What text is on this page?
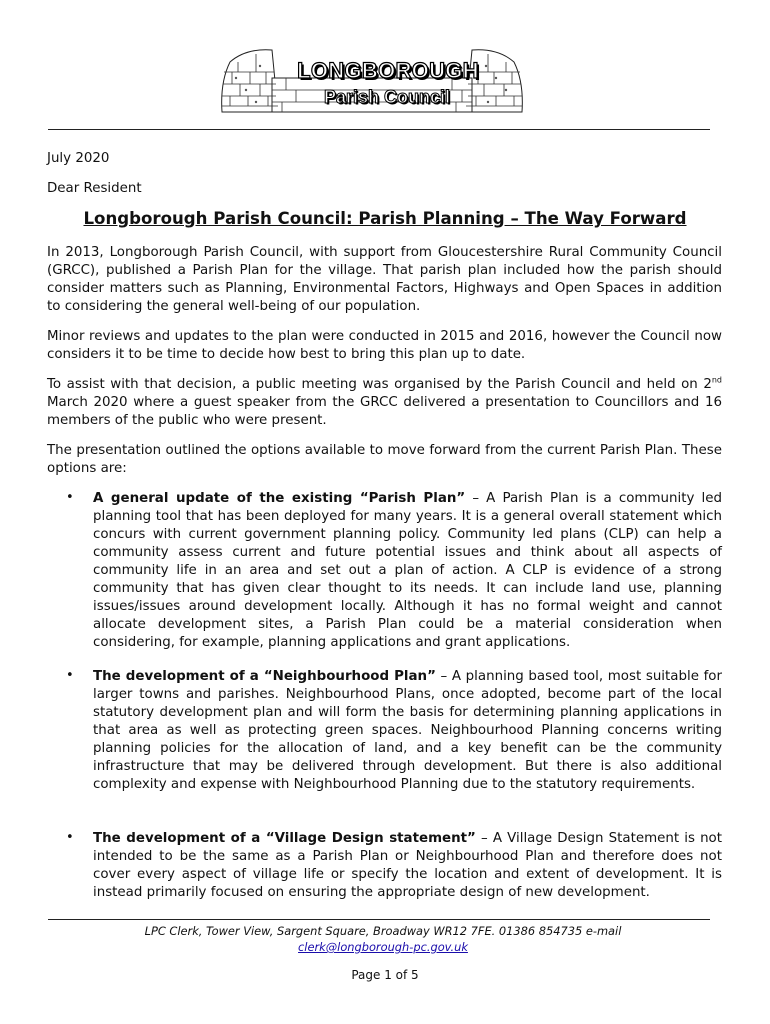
LONGBOROUGH
Parish Council

July 2020

Dear Resident

Longborough Parish Council: Parish Planning – The Way Forward

In 2013, Longborough Parish Council, with support from Gloucestershire Rural Community Council (GRCC), published a Parish Plan for the village. That parish plan included how the parish should consider matters such as Planning, Environmental Factors, Highways and Open Spaces in addition to considering the general well-being of our population.

Minor reviews and updates to the plan were conducted in 2015 and 2016, however the Council now considers it to be time to decide how best to bring this plan up to date.

To assist with that decision, a public meeting was organised by the Parish Council and held on 2nd March 2020 where a guest speaker from the GRCC delivered a presentation to Councillors and 16 members of the public who were present.

The presentation outlined the options available to move forward from the current Parish Plan. These options are:

• A general update of the existing “Parish Plan” – A Parish Plan is a community led planning tool that has been deployed for many years. It is a general overall statement which concurs with current government planning policy. Community led plans (CLP) can help a community assess current and future potential issues and think about all aspects of community life in an area and set out a plan of action. A CLP is evidence of a strong community that has given clear thought to its needs. It can include land use, planning issues/issues around development locally. Although it has no formal weight and cannot allocate development sites, a Parish Plan could be a material consideration when considering, for example, planning applications and grant applications.

• The development of a “Neighbourhood Plan” – A planning based tool, most suitable for larger towns and parishes. Neighbourhood Plans, once adopted, become part of the local statutory development plan and will form the basis for determining planning applications in that area as well as protecting green spaces. Neighbourhood Planning concerns writing planning policies for the allocation of land, and a key benefit can be the community infrastructure that may be delivered through development. But there is also additional complexity and expense with Neighbourhood Planning due to the statutory requirements.

• The development of a “Village Design statement” – A Village Design Statement is not intended to be the same as a Parish Plan or Neighbourhood Plan and therefore does not cover every aspect of village life or specify the location and extent of development. It is instead primarily focused on ensuring the appropriate design of new development.

LPC Clerk, Tower View, Sargent Square, Broadway WR12 7FE. 01386 854735 e-mail
clerk@longborough-pc.gov.uk
Page 1 of 5
